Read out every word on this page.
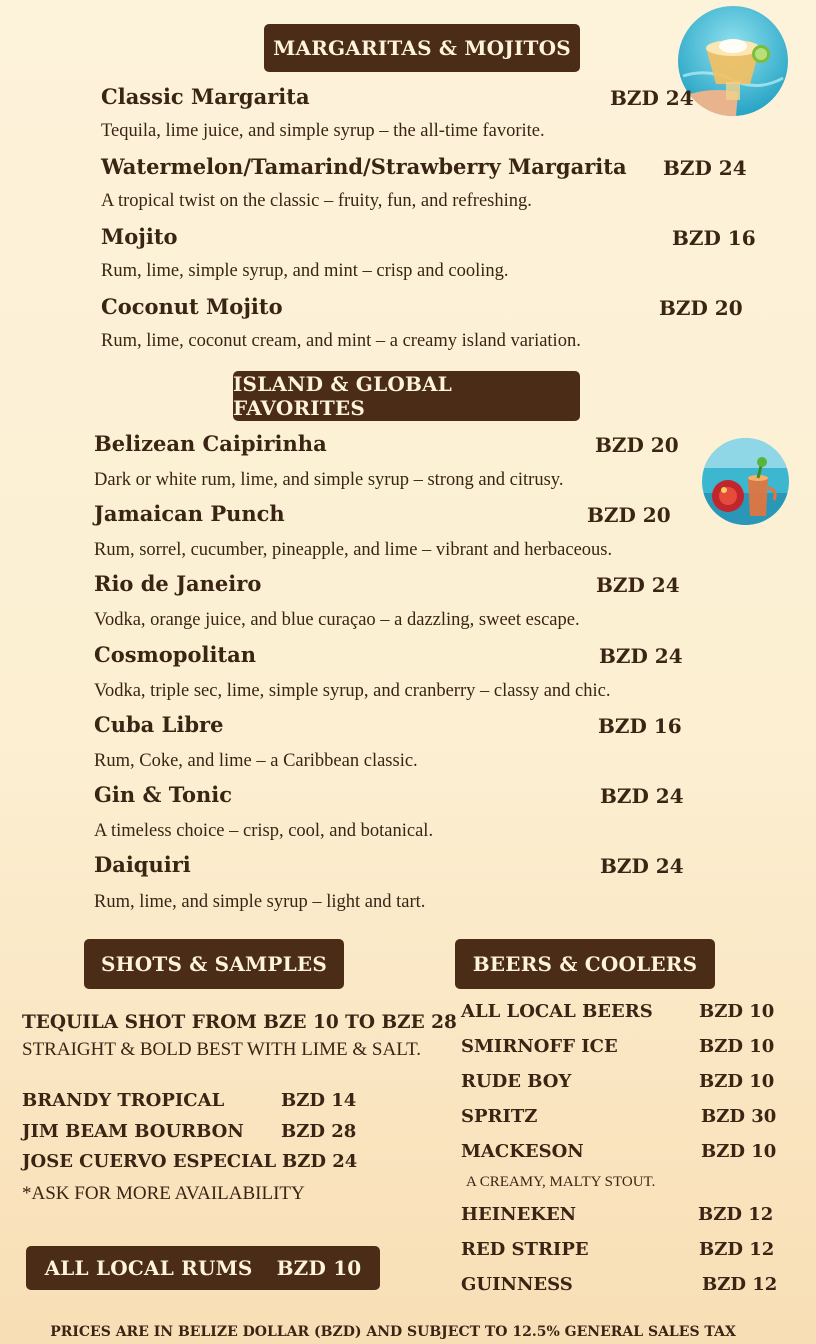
MARGARITAS & MOJITOS
Classic Margarita	BZD 24
Tequila, lime juice, and simple syrup – the all-time favorite.
Watermelon/Tamarind/Strawberry Margarita BZD 24
A tropical twist on the classic – fruity, fun, and refreshing.
Mojito	BZD 16
Rum, lime, simple syrup, and mint – crisp and cooling.
Coconut Mojito	BZD 20
Rum, lime, coconut cream, and mint – a creamy island variation.
ISLAND & GLOBAL FAVORITES
Belizean Caipirinha	BZD 20
Dark or white rum, lime, and simple syrup – strong and citrusy.
Jamaican Punch	BZD 20
Rum, sorrel, cucumber, pineapple, and lime – vibrant and herbaceous.
Rio de Janeiro	BZD 24
Vodka, orange juice, and blue curaçao – a dazzling, sweet escape.
Cosmopolitan	BZD 24
Vodka, triple sec, lime, simple syrup, and cranberry – classy and chic.
Cuba Libre	BZD 16
Rum, Coke, and lime – a Caribbean classic.
Gin & Tonic	BZD 24
A timeless choice – crisp, cool, and botanical.
Daiquiri	BZD 24
Rum, lime, and simple syrup – light and tart.
SHOTS & SAMPLES
TEQUILA SHOT FROM BZE 10 TO BZE 28
STRAIGHT & BOLD BEST WITH LIME & SALT.
BRANDY TROPICAL	BZD 14
JIM BEAM BOURBON BZD 28
JOSE CUERVO ESPECIAL BZD 24
*ASK FOR MORE AVAILABILITY
ALL LOCAL RUMS BZD 10
BEERS & COOLERS
ALL LOCAL BEERS	BZD 10
SMIRNOFF ICE	BZD 10
RUDE BOY	BZD 10
SPRITZ	BZD 30
MACKESON	BZD 10
A CREAMY, MALTY STOUT.
HEINEKEN	BZD 12
RED STRIPE	BZD 12
GUINNESS	BZD 12
PRICES ARE IN BELIZE DOLLAR (BZD) AND SUBJECT TO 12.5% GENERAL SALES TAX
